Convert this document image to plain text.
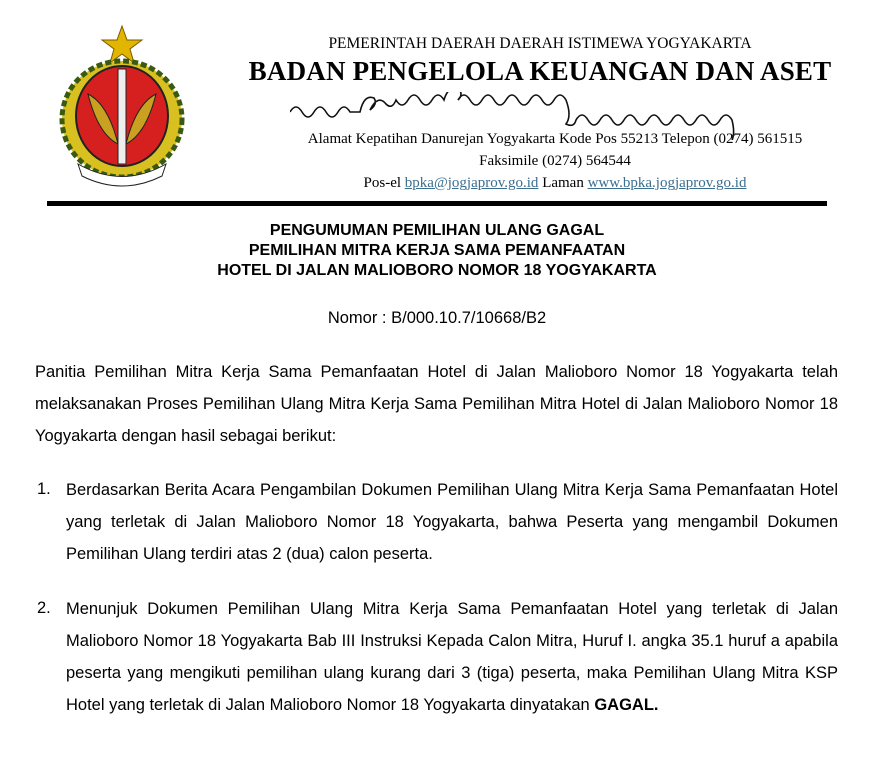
PEMERINTAH DAERAH DAERAH ISTIMEWA YOGYAKARTA
BADAN PENGELOLA KEUANGAN DAN ASET
Alamat Kepatihan Danurejan Yogyakarta Kode Pos 55213 Telepon (0274) 561515
Faksimile (0274) 564544
Pos-el bpka@jogjaprov.go.id Laman www.bpka.jogjaprov.go.id
PENGUMUMAN PEMILIHAN ULANG GAGAL
PEMILIHAN MITRA KERJA SAMA PEMANFAATAN
HOTEL DI JALAN MALIOBORO NOMOR 18 YOGYAKARTA
Nomor : B/000.10.7/10668/B2
Panitia Pemilihan Mitra Kerja Sama Pemanfaatan Hotel di Jalan Malioboro Nomor 18 Yogyakarta telah melaksanakan Proses Pemilihan Ulang Mitra Kerja Sama Pemilihan Mitra Hotel di Jalan Malioboro Nomor 18 Yogyakarta dengan hasil sebagai berikut:
1. Berdasarkan Berita Acara Pengambilan Dokumen Pemilihan Ulang Mitra Kerja Sama Pemanfaatan Hotel yang terletak di Jalan Malioboro Nomor 18 Yogyakarta, bahwa Peserta yang mengambil Dokumen Pemilihan Ulang terdiri atas 2 (dua) calon peserta.
2. Menunjuk Dokumen Pemilihan Ulang Mitra Kerja Sama Pemanfaatan Hotel yang terletak di Jalan Malioboro Nomor 18 Yogyakarta Bab III Instruksi Kepada Calon Mitra, Huruf I. angka 35.1 huruf a apabila peserta yang mengikuti pemilihan ulang kurang dari 3 (tiga) peserta, maka Pemilihan Ulang Mitra KSP Hotel yang terletak di Jalan Malioboro Nomor 18 Yogyakarta dinyatakan GAGAL.
